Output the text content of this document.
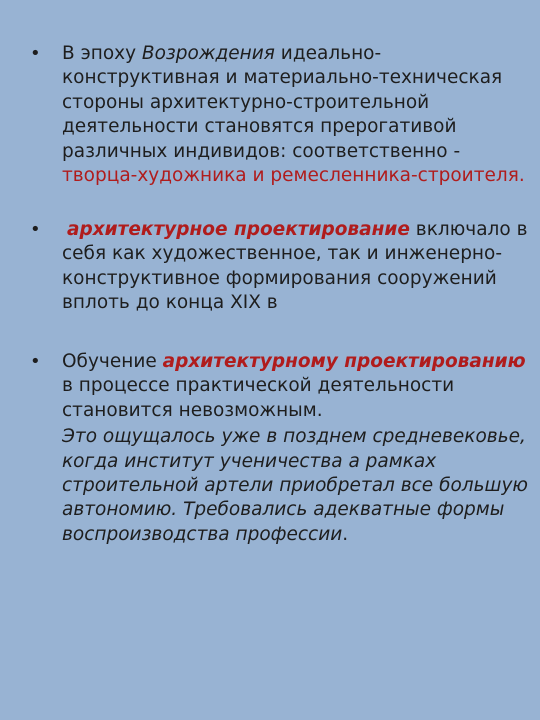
• В эпоху Возрождения идеально-конструктивная и материально-техническая стороны архитектурно-строительной деятельности становятся прерогативой различных индивидов: соответственно - творца-художника и ремесленника-строителя.
• архитектурное проектирование включало в себя как художественное, так и инженерно-конструктивное формирования сооружений вплоть до конца XIX в
• Обучение архитектурному проектированию в процессе практической деятельности становится невозможным.
Это ощущалось уже в позднем средневековье, когда институт ученичества а рамках строительной артели приобретал все большую автономию. Требовались адекватные формы воспроизводства профессии.
